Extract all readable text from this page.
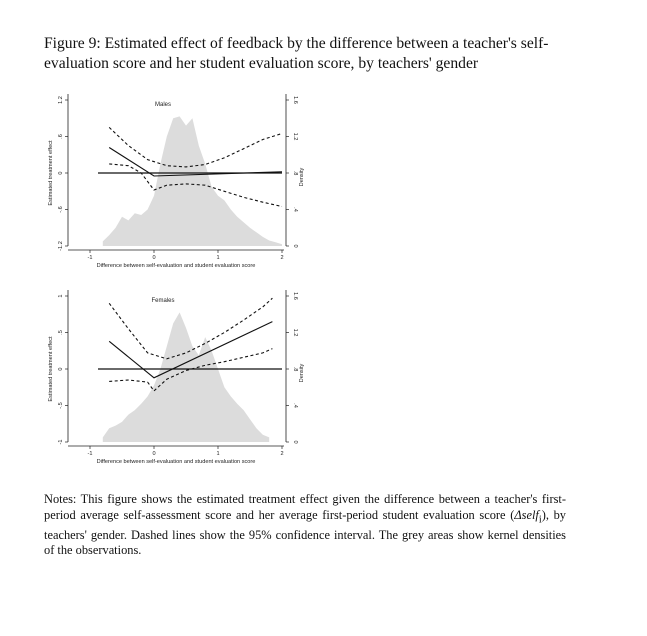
Figure 9: Estimated effect of feedback by the difference between a teacher's self-evaluation score and her student evaluation score, by teachers' gender

-1.2
-.6
0
.6
1.2
0
.4
.8
1.2
1.6
-1	0	1	2
Males
Difference between self-evaluation and student evaluation score
Estimated treatment effect	Density
-1
-.5
0
.5
1
0
.4
.8
1.2
1.6
-1	0	1	2
Females
Difference between self-evaluation and student evaluation score
Estimated treatment effect	Density

Notes: This figure shows the estimated treatment effect given the difference between a teacher's first-period average self-assessment score and her average first-period student evaluation score (Δself$_i$), by teachers' gender. Dashed lines show the 95% confidence interval. The grey areas show kernel densities of the observations.
